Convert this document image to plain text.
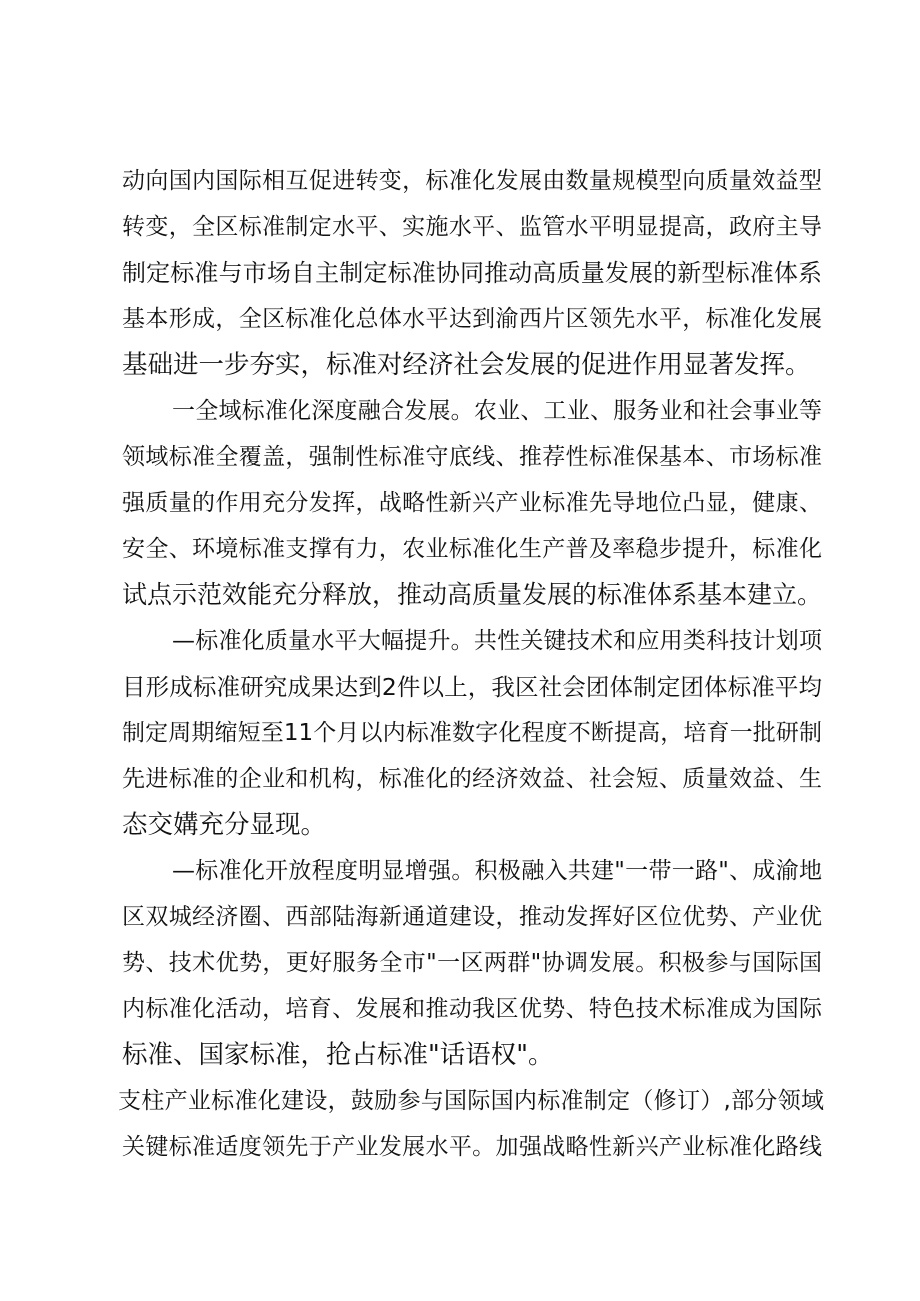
动向国内国际相互促进转变，标准化发展由数量规模型向质量效益型
转变，全区标准制定水平、实施水平、监管水平明显提高，政府主导
制定标准与市场自主制定标准协同推动高质量发展的新型标准体系
基本形成，全区标准化总体水平达到渝西片区领先水平，标准化发展
基础进一步夯实，标准对经济社会发展的促进作用显著发挥。
一全域标准化深度融合发展。农业、工业、服务业和社会事业等
领域标准全覆盖，强制性标准守底线、推荐性标准保基本、市场标准
强质量的作用充分发挥，战略性新兴产业标准先导地位凸显，健康、
安全、环境标准支撑有力，农业标准化生产普及率稳步提升，标准化
试点示范效能充分释放，推动高质量发展的标准体系基本建立。
—标准化质量水平大幅提升。共性关键技术和应用类科技计划项
目形成标准研究成果达到2件以上，我区社会团体制定团体标准平均
制定周期缩短至11个月以内标准数字化程度不断提高，培育一批研制
先进标准的企业和机构，标准化的经济效益、社会短、质量效益、生
态交媾充分显现。
—标准化开放程度明显增强。积极融入共建"一带一路"、成渝地
区双城经济圈、西部陆海新通道建设，推动发挥好区位优势、产业优
势、技术优势，更好服务全市"一区两群"协调发展。积极参与国际国
内标准化活动，培育、发展和推动我区优势、特色技术标准成为国际
标准、国家标准，抢占标准"话语权"。
支柱产业标准化建设，鼓励参与国际国内标准制定（修订）,部分领域
关键标准适度领先于产业发展水平。加强战略性新兴产业标准化路线
